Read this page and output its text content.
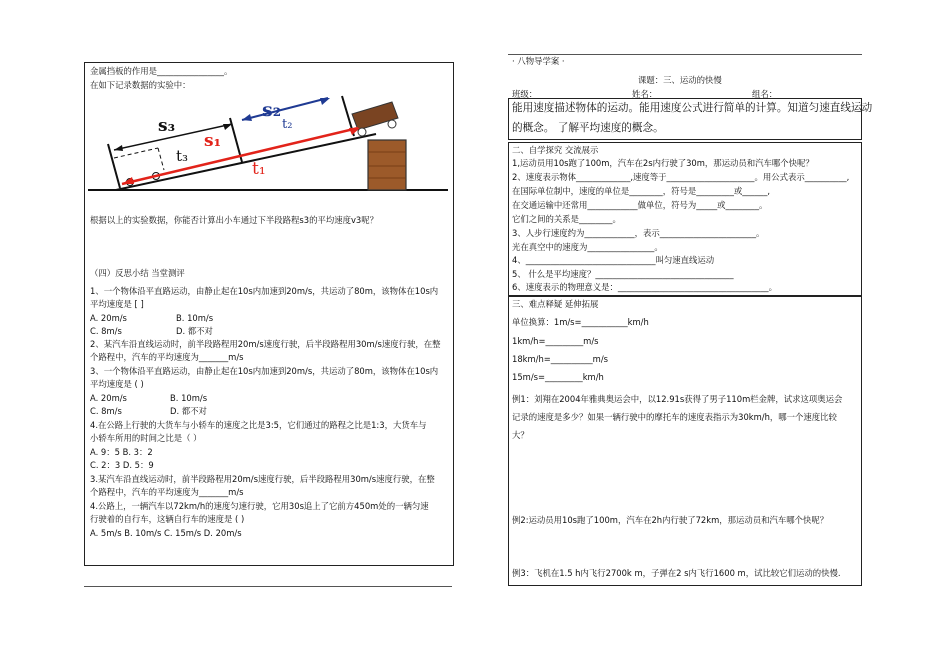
金属挡板的作用是________________。
在如下记录数据的实验中：
s₃
s₁
s₂
t₂
t₃
t₁
根据以上的实验数据，你能否计算出小车通过下半段路程s3的平均速度v3呢？
（四）反思小结 当堂测评
1、一个物体沿平直路运动，由静止起在10s内加速到20m/s，共运动了80m，该物体在10s内
平均速度是 [ ]
A. 20m/s	B. 10m/s
C. 8m/s	D. 都不对
2、某汽车沿直线运动时，前半段路程用20m/s速度行驶，后半段路程用30m/s速度行驶，在整
个路程中，汽车的平均速度为_______m/s
3、一个物体沿平直路运动，由静止起在10s内加速到20m/s，共运动了80m，该物体在10s内
平均速度是 ( )
A. 20m/s	B. 10m/s
C. 8m/s	D. 都不对
4.在公路上行驶的大货车与小轿车的速度之比是3:5，它们通过的路程之比是1:3，大货车与
小轿车所用的时间之比是（ ）
A. 9：5 B. 3：2
C. 2：3 D. 5：9
3.某汽车沿直线运动时，前半段路程用20m/s速度行驶，后半段路程用30m/s速度行驶，在整
个路程中，汽车的平均速度为_______m/s
4.公路上，一辆汽车以72km/h的速度匀速行驶，它用30s追上了它前方450m处的一辆匀速
行驶着的自行车，这辆自行车的速度是 ( )
A. 5m/s B. 10m/s C. 15m/s D. 20m/s
· 八物导学案 ·
课题：三、运动的快慢
班级：	姓名：	组名：
能用速度描述物体的运动。能用速度公式进行简单的计算。知道匀速直线运动
的概念。 了解平均速度的概念。
二、自学探究 交流展示
1,运动员用10s跑了100m，汽车在2s内行驶了30m，那运动员和汽车哪个快呢？
2、速度表示物体_____________,速度等于_____________________。用公式表示__________,
在国际单位制中，速度的单位是________，符号是_________或______,
在交通运输中还常用____________做单位，符号为_____或________。
它们之间的关系是________。
3、人步行速度约为____________，表示_______________________。
光在真空中的速度为________________。
4、_______________________________叫匀速直线运动
5、 什么是平均速度？_________________________________
6、速度表示的物理意义是：____________________________________。
三、难点释疑 延伸拓展
单位换算：1m/s=___________km/h
1km/h=_________m/s
18km/h=__________m/s
15m/s=_________km/h
例1：刘翔在2004年雅典奥运会中，以12.91s获得了男子110m栏金牌，试求这项奥运会
记录的速度是多少？如果一辆行驶中的摩托车的速度表指示为30km/h，哪一个速度比较
大？
例2:运动员用10s跑了100m，汽车在2h内行驶了72km，那运动员和汽车哪个快呢？
例3：飞机在1.5 h内飞行2700k m，子弹在2 s内飞行1600 m，试比较它们运动的快慢.
